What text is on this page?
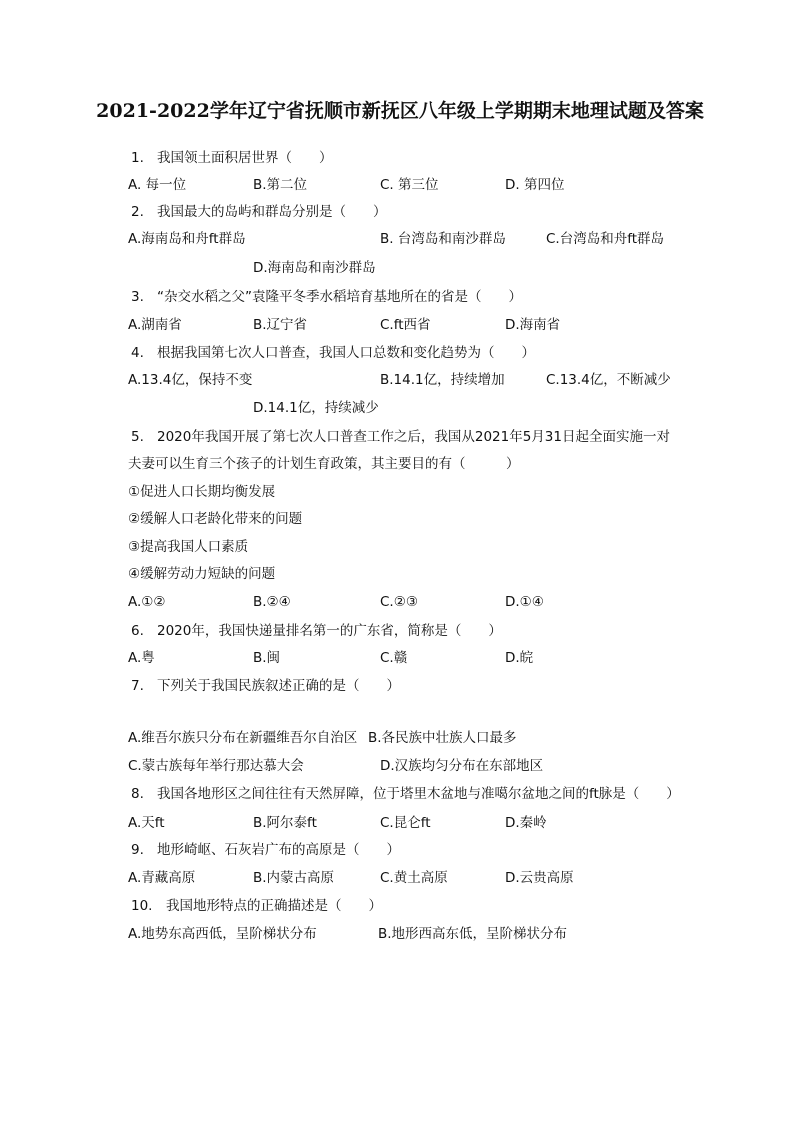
2021-2022学年辽宁省抚顺市新抚区八年级上学期期末地理试题及答案
1. 我国领土面积居世界（　　）
A. 每一位	B.第二位	C. 第三位	D. 第四位
2. 我国最大的岛屿和群岛分别是（　　）
A.海南岛和舟ft群岛	B. 台湾岛和南沙群岛	C.台湾岛和舟ft群岛
D.海南岛和南沙群岛
3. “杂交水稻之父”袁隆平冬季水稻培育基地所在的省是（　　）
A.湖南省	B.辽宁省	C.ft西省	D.海南省
4. 根据我国第七次人口普查，我国人口总数和变化趋势为（　　）
A.13.4亿，保持不变	B.14.1亿，持续增加	C.13.4亿，不断减少
D.14.1亿，持续减少
5. 2020年我国开展了第七次人口普查工作之后，我国从2021年5月31日起全面实施一对
夫妻可以生育三个孩子的计划生育政策，其主要目的有（　　　）
①促进人口长期均衡发展
②缓解人口老龄化带来的问题
③提高我国人口素质
④缓解劳动力短缺的问题
A.①②	B.②④	C.②③	D.①④
6. 2020年，我国快递量排名第一的广东省，简称是（　　）
A.粤	B.闽	C.赣	D.皖
7. 下列关于我国民族叙述正确的是（　　）
A.维吾尔族只分布在新疆维吾尔自治区 B.各民族中壮族人口最多
C.蒙古族每年举行那达慕大会	D.汉族均匀分布在东部地区
8. 我国各地形区之间往往有天然屏障，位于塔里木盆地与准噶尔盆地之间的ft脉是（　　）
A.天ft	B.阿尔泰ft	C.昆仑ft	D.秦岭
9. 地形崎岖、石灰岩广布的高原是（　　）
A.青藏高原	B.内蒙古高原	C.黄土高原	D.云贵高原
10. 我国地形特点的正确描述是（　　）
A.地势东高西低，呈阶梯状分布	B.地形西高东低，呈阶梯状分布
